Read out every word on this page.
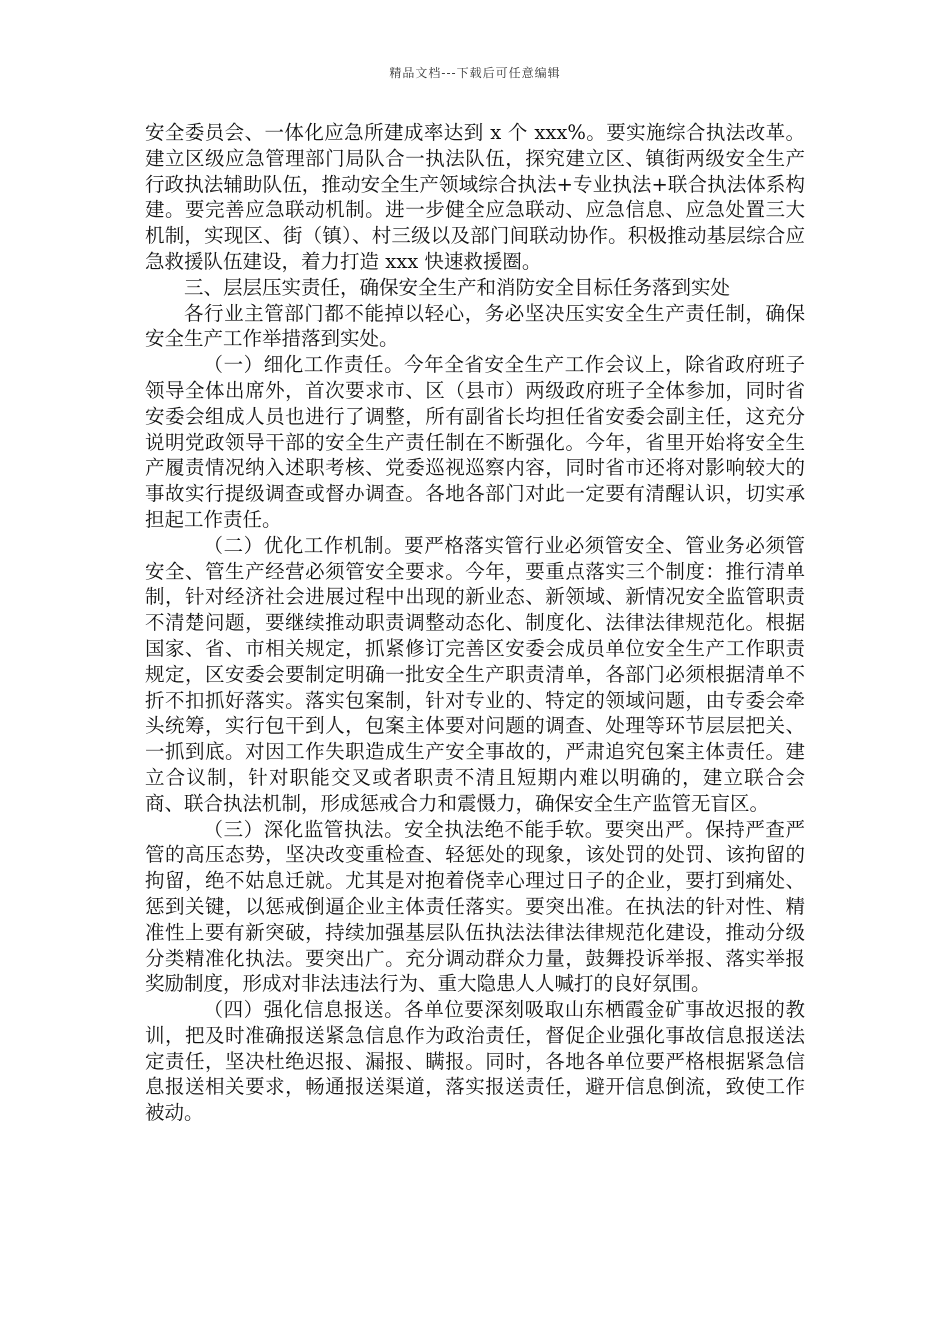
精品文档---下载后可任意编辑

安全委员会、一体化应急所建成率达到 x 个 xxx%。要实施综合执法改革。建立区级应急管理部门局队合一执法队伍，探究建立区、镇街两级安全生产行政执法辅助队伍，推动安全生产领域综合执法+专业执法+联合执法体系构建。要完善应急联动机制。进一步健全应急联动、应急信息、应急处置三大机制，实现区、街（镇）、村三级以及部门间联动协作。积极推动基层综合应急救援队伍建设，着力打造 xxx 快速救援圈。

三、层层压实责任，确保安全生产和消防安全目标任务落到实处

各行业主管部门都不能掉以轻心，务必坚决压实安全生产责任制，确保安全生产工作举措落到实处。

（一）细化工作责任。今年全省安全生产工作会议上，除省政府班子领导全体出席外，首次要求市、区（县市）两级政府班子全体参加，同时省安委会组成人员也进行了调整，所有副省长均担任省安委会副主任，这充分说明党政领导干部的安全生产责任制在不断强化。今年，省里开始将安全生产履责情况纳入述职考核、党委巡视巡察内容，同时省市还将对影响较大的事故实行提级调查或督办调查。各地各部门对此一定要有清醒认识，切实承担起工作责任。

（二）优化工作机制。要严格落实管行业必须管安全、管业务必须管安全、管生产经营必须管安全要求。今年，要重点落实三个制度：推行清单制，针对经济社会进展过程中出现的新业态、新领域、新情况安全监管职责不清楚问题，要继续推动职责调整动态化、制度化、法律法律规范化。根据国家、省、市相关规定，抓紧修订完善区安委会成员单位安全生产工作职责规定，区安委会要制定明确一批安全生产职责清单，各部门必须根据清单不折不扣抓好落实。落实包案制，针对专业的、特定的领域问题，由专委会牵头统筹，实行包干到人，包案主体要对问题的调查、处理等环节层层把关、一抓到底。对因工作失职造成生产安全事故的，严肃追究包案主体责任。建立合议制，针对职能交叉或者职责不清且短期内难以明确的，建立联合会商、联合执法机制，形成惩戒合力和震慑力，确保安全生产监管无盲区。

（三）深化监管执法。安全执法绝不能手软。要突出严。保持严查严管的高压态势，坚决改变重检查、轻惩处的现象，该处罚的处罚、该拘留的拘留，绝不姑息迁就。尤其是对抱着侥幸心理过日子的企业，要打到痛处、惩到关键，以惩戒倒逼企业主体责任落实。要突出准。在执法的针对性、精准性上要有新突破，持续加强基层队伍执法法律法律规范化建设，推动分级分类精准化执法。要突出广。充分调动群众力量，鼓舞投诉举报、落实举报奖励制度，形成对非法违法行为、重大隐患人人喊打的良好氛围。

（四）强化信息报送。各单位要深刻吸取山东栖霞金矿事故迟报的教训，把及时准确报送紧急信息作为政治责任，督促企业强化事故信息报送法定责任，坚决杜绝迟报、漏报、瞒报。同时，各地各单位要严格根据紧急信息报送相关要求，畅通报送渠道，落实报送责任，避开信息倒流，致使工作被动。
